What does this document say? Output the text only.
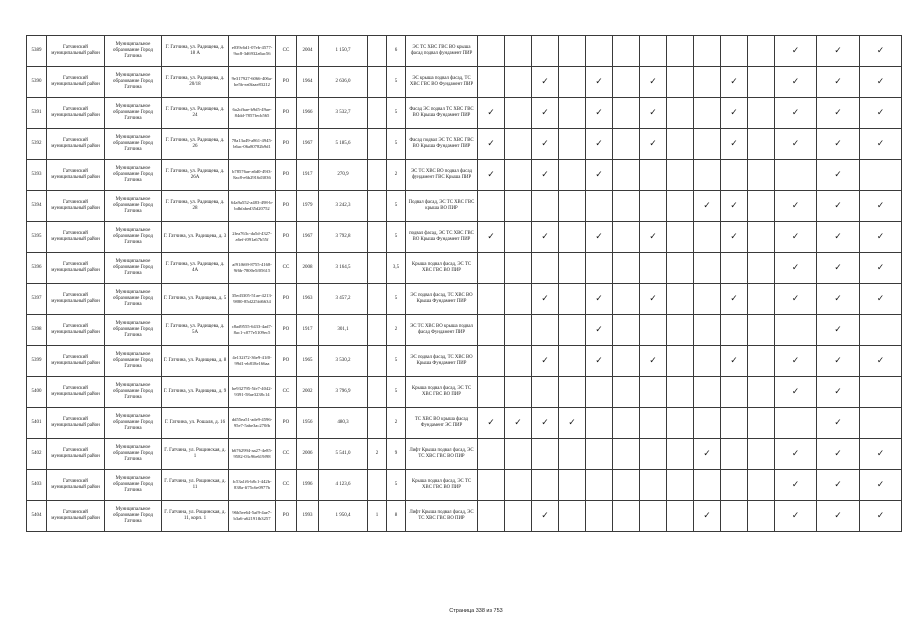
5389	Гатчинский муниципальный район	Муниципальное образование Город Гатчина	Г. Гатчина, ул. Радищева, д. 18 А	e039c6d1-07eb-4577-9ac8-3d6932a6ac56	СС	2004	1 150,7		6	ЭС ТС ХВС ГВС ВО крыша фасад подвал фундамент ПИР												✓	✓	✓
5390	Гатчинский муниципальный район	Муниципальное образование Город Гатчина	Г. Гатчина, ул. Радищева, д. 20/18	9e317927-6066-406a-be5b-ea0faae83212	РО	1964	2 636,0		5	ЭС крыша подвал фасад, ТС ХВС ГВС ВО Фундамент ПИР			✓		✓		✓			✓		✓	✓	✓
5391	Гатчинский муниципальный район	Муниципальное образование Город Гатчина	Г. Гатчина, ул. Радищева, д. 24	6a2cfbae-b9d5-49ae-84dd-7857fecb565	РО	1966	3 532,7		5	Фасад ЭС подвал ТС ХВС ГВС ВО Крыша Фундамент ПИР	✓		✓		✓		✓			✓		✓	✓	✓
5392	Гатчинский муниципальный район	Муниципальное образование Город Гатчина	Г. Гатчина, ул. Радищева, д. 26	78a13a49-a861-4945-b6ac-06a80782b9d1	РО	1967	5 185,6		5	Фасад подвал ЭС ТС ХВС ГВС ВО Крыша Фундамент ПИР	✓		✓		✓		✓			✓		✓	✓	✓
5393	Гатчинский муниципальный район	Муниципальное образование Город Гатчина	Г. Гатчина, ул. Радищева, д. 26А	b78576ae-a6d0-49f3-8ac8-e6b2916d3036	РО	1917	270,9		2	ЭС ТС ХВС ВО подвал фасад фундамент ГВС Крыша ПИР	✓		✓		✓								✓	
5394	Гатчинский муниципальный район	Муниципальное образование Город Гатчина	Г. Гатчина, ул. Радищева, д. 28	64a9a552-a483-498-b-bdbfabed35d20752	РО	1979	3 242,3		5	Подвал фасад, ЭС ТС ХВС ГВС крыша ВО ПИР									✓	✓		✓	✓	✓
5395	Гатчинский муниципальный район	Муниципальное образование Город Гатчина	Г. Гатчина, ул. Радищева, д. 3	2fea763c-da5d-4327-a6ef-f091a67b55f	РО	1967	3 792,8		5	подвал фасад, ЭС ТС ХВС ГВС ВО Крыша Фундамент ПИР	✓		✓		✓		✓			✓		✓	✓	✓
5396	Гатчинский муниципальный район	Муниципальное образование Город Гатчина	Г. Гатчина, ул. Радищева, д. 4А	af91f669-8755-4168-9f6b-7800e5f05615	СС	2008	3 164,5		3,5	Крыша подвал фасад, ЭС ТС ХВС ГВС ВО ПИР												✓	✓	✓
5397	Гатчинский муниципальный район	Муниципальное образование Город Гатчина	Г. Гатчина, ул. Радищева, д. 5	35ed3305-51ae-4213-9880-85d225fd6634	РО	1963	3 457,2		5	ЭС подвал фасад, ТС ХВС ВО Крыша Фундамент ПИР			✓		✓		✓			✓		✓	✓	✓
5398	Гатчинский муниципальный район	Муниципальное образование Город Гатчина	Г. Гатчина, ул. Радищева, д. 5А	c8ad9555-6433-4ad7-8ac1-c077e5109ec5	РО	1917	301,1		2	ЭС ТС ХВС ВО крыша подвал фасад Фундамент ПИР					✓								✓	
5399	Гатчинский муниципальный район	Муниципальное образование Город Гатчина	Г. Гатчина, ул. Радищева, д. 8	4e132f72-36e9-41f0-99d1-eb818e166aa	РО	1965	3 530,2		5	ЭС подвал фасад, ТС ХВС ВО Крыша Фундамент ПИР			✓		✓		✓			✓		✓	✓	✓
5400	Гатчинский муниципальный район	Муниципальное образование Город Гатчина	Г. Гатчина, ул. Радищева, д. 9	be932795-5fe7-4042-9391-58ae3238c14	СС	2002	3 796,9		5	Крыша подвал фасад, ЭС ТС ХВС ГВС ВО ПИР												✓	✓	
5401	Гатчинский муниципальный район	Муниципальное образование Город Гатчина	Г. Гатчина, ул. Рошаля, д. 16	dd55ea51-ade9-4596-95e7-5abe3ac270fb	РО	1956	480,3		2	ТС ХВС ВО крыша фасад Фундамент ЭС ПИР	✓	✓	✓	✓									✓	
5402	Гатчинский муниципальный район	Муниципальное образование Город Гатчина	Г. Гатчина, ул. Рощинская, д. 1	b6762994-aa27-4e85-9582-03c96e619f98	СС	2006	5 541,0	2	9	Лифт Крыша подвал фасад, ЭС ТС ХВС ГВС ВО ПИР									✓			✓	✓	✓
5403	Гатчинский муниципальный район	Муниципальное образование Город Гатчина	Г. Гатчина, ул. Рощинская, д. 11	fc53a1f6-b8c1-442b-838a-ff75c6e0977b	СС	1996	4 123,6		5	Крыша подвал фасад, ЭС ТС ХВС ГВС ВО ПИР												✓	✓	✓
5404	Гатчинский муниципальный район	Муниципальное образование Город Гатчина	Г. Гатчина, ул. Рощинская, д. 11, корп. 1	96b5ee64-5af9-4ae7-b3a6-a62191fb3257	РО	1993	1 950,4	1	8	Лифт Крыша подвал фасад, ЭС ТС ХВС ГВС ВО ПИР			✓						✓			✓	✓	✓
Страница 338 из 753
